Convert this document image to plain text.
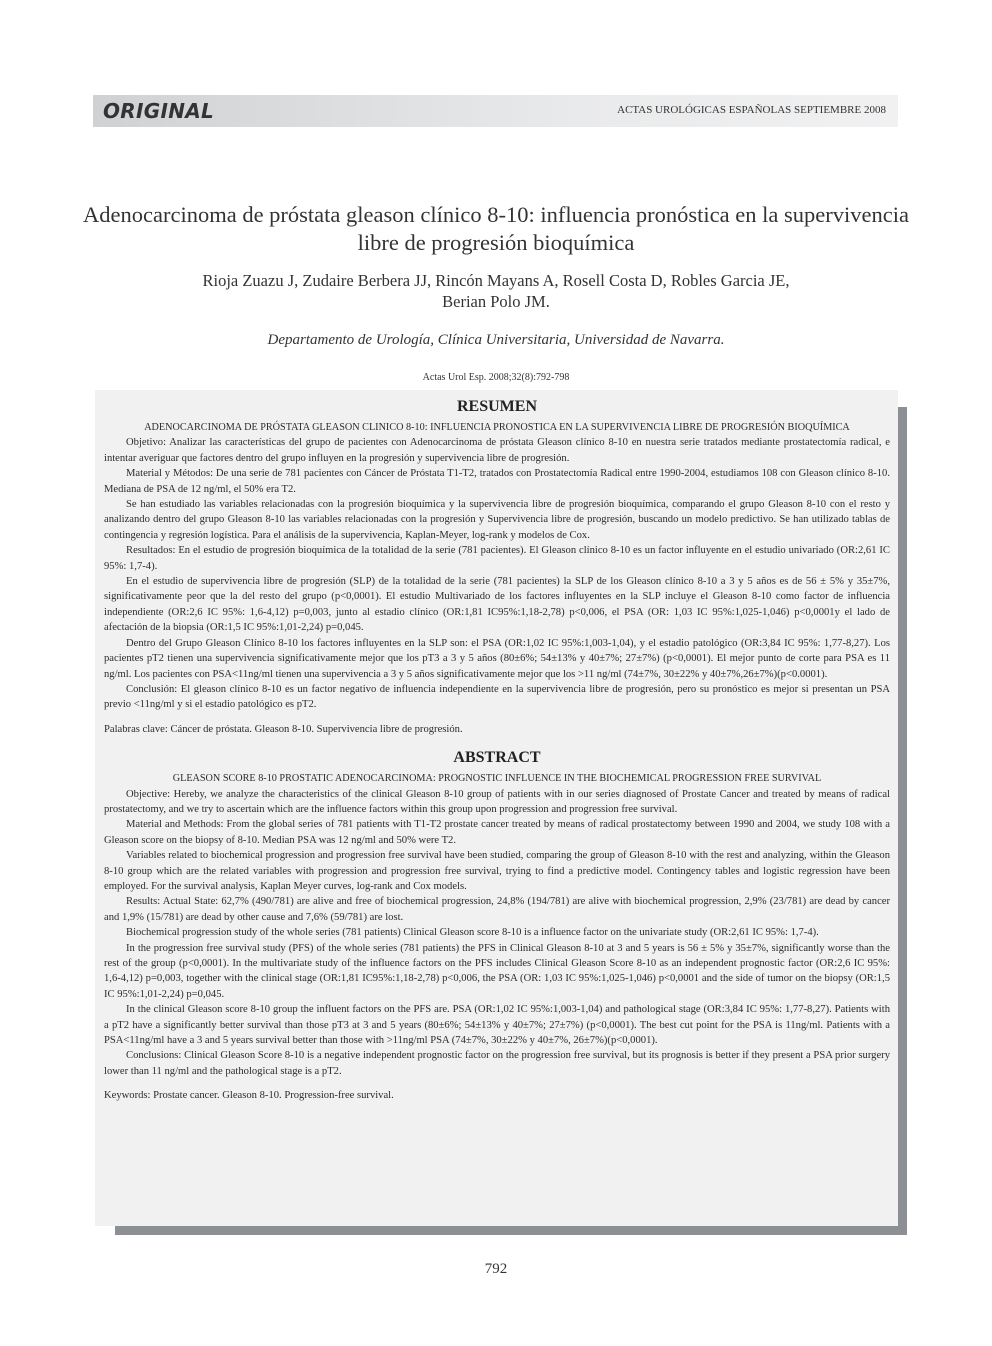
ORIGINAL	ACTAS UROLÓGICAS ESPAÑOLAS SEPTIEMBRE 2008
Adenocarcinoma de próstata gleason clínico 8-10: influencia pronóstica en la supervivencia libre de progresión bioquímica
Rioja Zuazu J, Zudaire Berbera JJ, Rincón Mayans A, Rosell Costa D, Robles Garcia JE,
Berian Polo JM.
Departamento de Urología, Clínica Universitaria, Universidad de Navarra.
Actas Urol Esp. 2008;32(8):792-798
RESUMEN

ADENOCARCINOMA DE PRÓSTATA GLEASON CLINICO 8-10: INFLUENCIA PRONOSTICA EN LA SUPERVIVENCIA LIBRE DE PROGRESIÓN BIOQUÍMICA

Objetivo: Analizar las características del grupo de pacientes con Adenocarcinoma de próstata Gleason clínico 8-10 en nuestra serie tratados mediante prostatectomía radical, e intentar averiguar que factores dentro del grupo influyen en la progresión y supervivencia libre de progresión.

Material y Métodos: De una serie de 781 pacientes con Cáncer de Próstata T1-T2, tratados con Prostatectomía Radical entre 1990-2004, estudiamos 108 con Gleason clínico 8-10. Mediana de PSA de 12 ng/ml, el 50% era T2.

Se han estudiado las variables relacionadas con la progresión bioquímica y la supervivencia libre de progresión bioquímica, comparando el grupo Gleason 8-10 con el resto y analizando dentro del grupo Gleason 8-10 las variables relacionadas con la progresión y Supervivencia libre de progresión, buscando un modelo predictivo. Se han utilizado tablas de contingencia y regresión logística. Para el análisis de la supervivencia, Kaplan-Meyer, log-rank y modelos de Cox.

Resultados: En el estudio de progresión bioquímica de la totalidad de la serie (781 pacientes). El Gleason clínico 8-10 es un factor influyente en el estudio univariado (OR:2,61 IC 95%: 1,7-4).

En el estudio de supervivencia libre de progresión (SLP) de la totalidad de la serie (781 pacientes) la SLP de los Gleason clínico 8-10 a 3 y 5 años es de 56 ± 5% y 35±7%, significativamente peor que la del resto del grupo (p<0,0001). El estudio Multivariado de los factores influyentes en la SLP incluye el Gleason 8-10 como factor de influencia independiente (OR:2,6 IC 95%: 1,6-4,12) p=0,003, junto al estadio clínico (OR:1,81 IC95%:1,18-2,78) p<0,006, el PSA (OR: 1,03 IC 95%:1,025-1,046) p<0,0001y el lado de afectación de la biopsia (OR:1,5 IC 95%:1,01-2,24) p=0,045.

Dentro del Grupo Gleason Clínico 8-10 los factores influyentes en la SLP son: el PSA (OR:1,02 IC 95%:1,003-1,04), y el estadio patológico (OR:3,84 IC 95%: 1,77-8,27). Los pacientes pT2 tienen una supervivencia significativamente mejor que los pT3 a 3 y 5 años (80±6%; 54±13% y 40±7%; 27±7%) (p<0,0001). El mejor punto de corte para PSA es 11 ng/ml. Los pacientes con PSA<11ng/ml tienen una supervivencia a 3 y 5 años significativamente mejor que los >11 ng/ml (74±7%, 30±22% y 40±7%,26±7%)(p<0.0001).

Conclusión: El gleason clínico 8-10 es un factor negativo de influencia independiente en la supervivencia libre de progresión, pero su pronóstico es mejor si presentan un PSA previo <11ng/ml y si el estadio patológico es pT2.

Palabras clave: Cáncer de próstata. Gleason 8-10. Supervivencia libre de progresión.

ABSTRACT

GLEASON SCORE 8-10 PROSTATIC ADENOCARCINOMA: PROGNOSTIC INFLUENCE IN THE BIOCHEMICAL PROGRESSION FREE SURVIVAL

Objective: Hereby, we analyze the characteristics of the clinical Gleason 8-10 group of patients with in our series diagnosed of Prostate Cancer and treated by means of radical prostatectomy, and we try to ascertain which are the influence factors within this group upon progression and progression free survival.

Material and Methods: From the global series of 781 patients with T1-T2 prostate cancer treated by means of radical prostatectomy between 1990 and 2004, we study 108 with a Gleason score on the biopsy of 8-10. Median PSA was 12 ng/ml and 50% were T2.

Variables related to biochemical progression and progression free survival have been studied, comparing the group of Gleason 8-10 with the rest and analyzing, within the Gleason 8-10 group which are the related variables with progression and progression free survival, trying to find a predictive model. Contingency tables and logistic regression have been employed. For the survival analysis, Kaplan Meyer curves, log-rank and Cox models.

Results: Actual State: 62,7% (490/781) are alive and free of biochemical progression, 24,8% (194/781) are alive with biochemical progression, 2,9% (23/781) are dead by cancer and 1,9% (15/781) are dead by other cause and 7,6% (59/781) are lost.

Biochemical progression study of the whole series (781 patients) Clinical Gleason score 8-10 is a influence factor on the univariate study (OR:2,61 IC 95%: 1,7-4).

In the progression free survival study (PFS) of the whole series (781 patients) the PFS in Clinical Gleason 8-10 at 3 and 5 years is 56 ± 5% y 35±7%, significantly worse than the rest of the group (p<0,0001). In the multivariate study of the influence factors on the PFS includes Clinical Gleason Score 8-10 as an independent prognostic factor (OR:2,6 IC 95%: 1,6-4,12) p=0,003, together with the clinical stage (OR:1,81 IC95%:1,18-2,78) p<0,006, the PSA (OR: 1,03 IC 95%:1,025-1,046) p<0,0001 and the side of tumor on the biopsy (OR:1,5 IC 95%:1,01-2,24) p=0,045.

In the clinical Gleason score 8-10 group the influent factors on the PFS are. PSA (OR:1,02 IC 95%:1,003-1,04) and pathological stage (OR:3,84 IC 95%: 1,77-8,27). Patients with a pT2 have a significantly better survival than those pT3 at 3 and 5 years (80±6%; 54±13% y 40±7%; 27±7%) (p<0,0001). The best cut point for the PSA is 11ng/ml. Patients with a PSA<11ng/ml have a 3 and 5 years survival better than those with >11ng/ml PSA (74±7%, 30±22% y 40±7%, 26±7%)(p<0,0001).

Conclusions: Clinical Gleason Score 8-10 is a negative independent prognostic factor on the progression free survival, but its prognosis is better if they present a PSA prior surgery lower than 11 ng/ml and the pathological stage is a pT2.

Keywords: Prostate cancer. Gleason 8-10. Progression-free survival.

792
